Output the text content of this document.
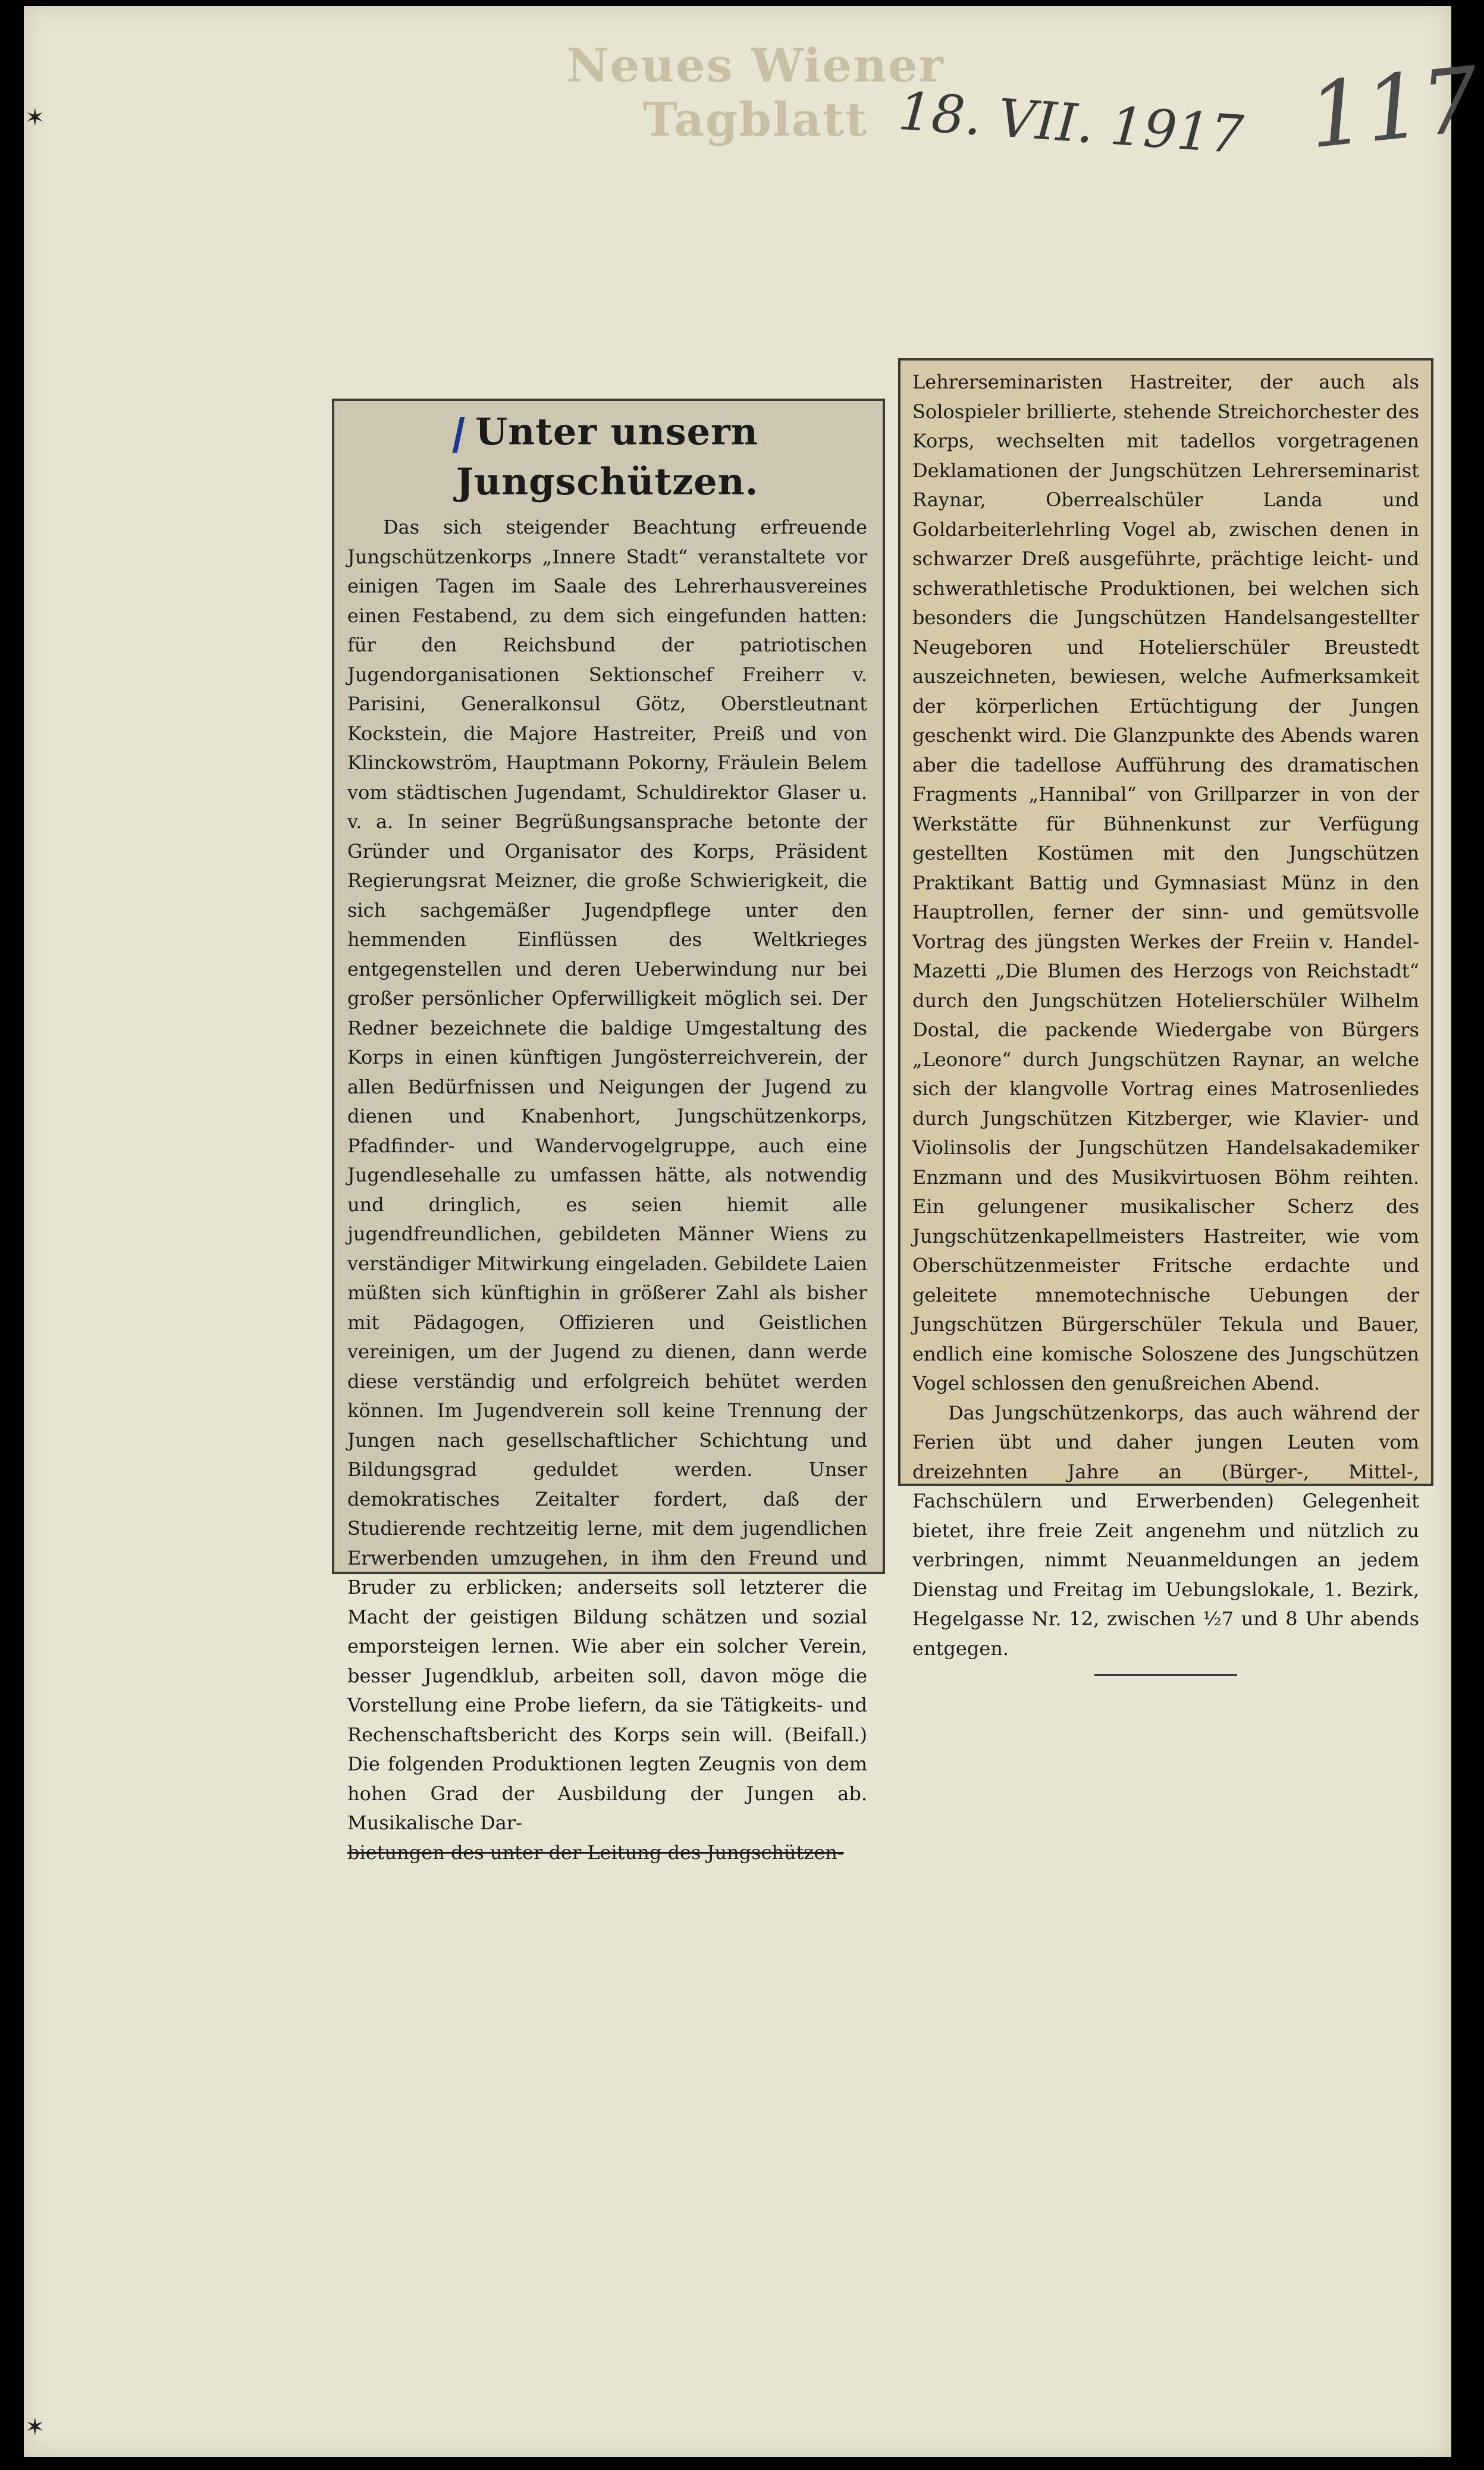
✶
✶
Neues Wiener Tagblatt 18. VII. 1917 117
Unter unsern Jungschützen.

Das sich steigender Beachtung erfreuende Jungschützenkorps „Innere Stadt“ veranstaltete vor einigen Tagen im Saale des Lehrerhausvereines einen Festabend, zu dem sich eingefunden hatten: für den Reichsbund der patriotischen Jugendorganisationen Sektionschef Freiherr v. Parisini, Generalkonsul Götz, Oberstleutnant Kockstein, die Majore Hastreiter, Preiß und von Klinckowström, Hauptmann Pokorny, Fräulein Belem vom städtischen Jugendamt, Schuldirektor Glaser u. v. a. In seiner Begrüßungsansprache betonte der Gründer und Organisator des Korps, Präsident Regierungsrat Meizner, die große Schwierigkeit, die sich sachgemäßer Jugendpflege unter den hemmenden Einflüssen des Weltkrieges entgegenstellen und deren Ueberwindung nur bei großer persönlicher Opferwilligkeit möglich sei. Der Redner bezeichnete die baldige Umgestaltung des Korps in einen künftigen Jungösterreichverein, der allen Bedürfnissen und Neigungen der Jugend zu dienen und Knabenhort, Jungschützenkorps, Pfadfinder- und Wandervogelgruppe, auch eine Jugendlesehalle zu umfassen hätte, als notwendig und dringlich, es seien hiemit alle jugendfreundlichen, gebildeten Männer Wiens zu verständiger Mitwirkung eingeladen. Gebildete Laien müßten sich künftighin in größerer Zahl als bisher mit Pädagogen, Offizieren und Geistlichen vereinigen, um der Jugend zu dienen, dann werde diese verständig und erfolgreich behütet werden können. Im Jugendverein soll keine Trennung der Jungen nach gesellschaftlicher Schichtung und Bildungsgrad geduldet werden. Unser demokratisches Zeitalter fordert, daß der Studierende rechtzeitig lerne, mit dem jugendlichen Erwerbenden umzugehen, in ihm den Freund und Bruder zu erblicken; anderseits soll letzterer die Macht der geistigen Bildung schätzen und sozial emporsteigen lernen. Wie aber ein solcher Verein, besser Jugendklub, arbeiten soll, davon möge die Vorstellung eine Probe liefern, da sie Tätigkeits- und Rechenschaftsbericht des Korps sein will. (Beifall.) Die folgenden Produktionen legten Zeugnis von dem hohen Grad der Ausbildung der Jungen ab. Musikalische Dar-

bietungen des unter der Leitung des Jungschützen-

Lehrerseminaristen Hastreiter, der auch als Solospieler brillierte, stehende Streichorchester des Korps, wechselten mit tadellos vorgetragenen Deklamationen der Jungschützen Lehrerseminarist Raynar, Oberrealschüler Landa und Goldarbeiterlehrling Vogel ab, zwischen denen in schwarzer Dreß ausgeführte, prächtige leicht- und schwerathletische Produktionen, bei welchen sich besonders die Jungschützen Handelsangestellter Neugeboren und Hotelierschüler Breustedt auszeichneten, bewiesen, welche Aufmerksamkeit der körperlichen Ertüchtigung der Jungen geschenkt wird. Die Glanzpunkte des Abends waren aber die tadellose Aufführung des dramatischen Fragments „Hannibal“ von Grillparzer in von der Werkstätte für Bühnenkunst zur Verfügung gestellten Kostümen mit den Jungschützen Praktikant Battig und Gymnasiast Münz in den Hauptrollen, ferner der sinn- und gemütsvolle Vortrag des jüngsten Werkes der Freiin v. Handel-Mazetti „Die Blumen des Herzogs von Reichstadt“ durch den Jungschützen Hotelierschüler Wilhelm Dostal, die packende Wiedergabe von Bürgers „Leonore“ durch Jungschützen Raynar, an welche sich der klangvolle Vortrag eines Matrosenliedes durch Jungschützen Kitzberger, wie Klavier- und Violinsolis der Jungschützen Handelsakademiker Enzmann und des Musikvirtuosen Böhm reihten. Ein gelungener musikalischer Scherz des Jungschützenkapellmeisters Hastreiter, wie vom Oberschützenmeister Fritsche erdachte und geleitete mnemotechnische Uebungen der Jungschützen Bürgerschüler Tekula und Bauer, endlich eine komische Soloszene des Jungschützen Vogel schlossen den genußreichen Abend.

Das Jungschützenkorps, das auch während der Ferien übt und daher jungen Leuten vom dreizehnten Jahre an (Bürger-, Mittel-, Fachschülern und Erwerbenden) Gelegenheit bietet, ihre freie Zeit angenehm und nützlich zu verbringen, nimmt Neuanmeldungen an jedem Dienstag und Freitag im Uebungslokale, 1. Bezirk, Hegelgasse Nr. 12, zwischen ½7 und 8 Uhr abends entgegen.
